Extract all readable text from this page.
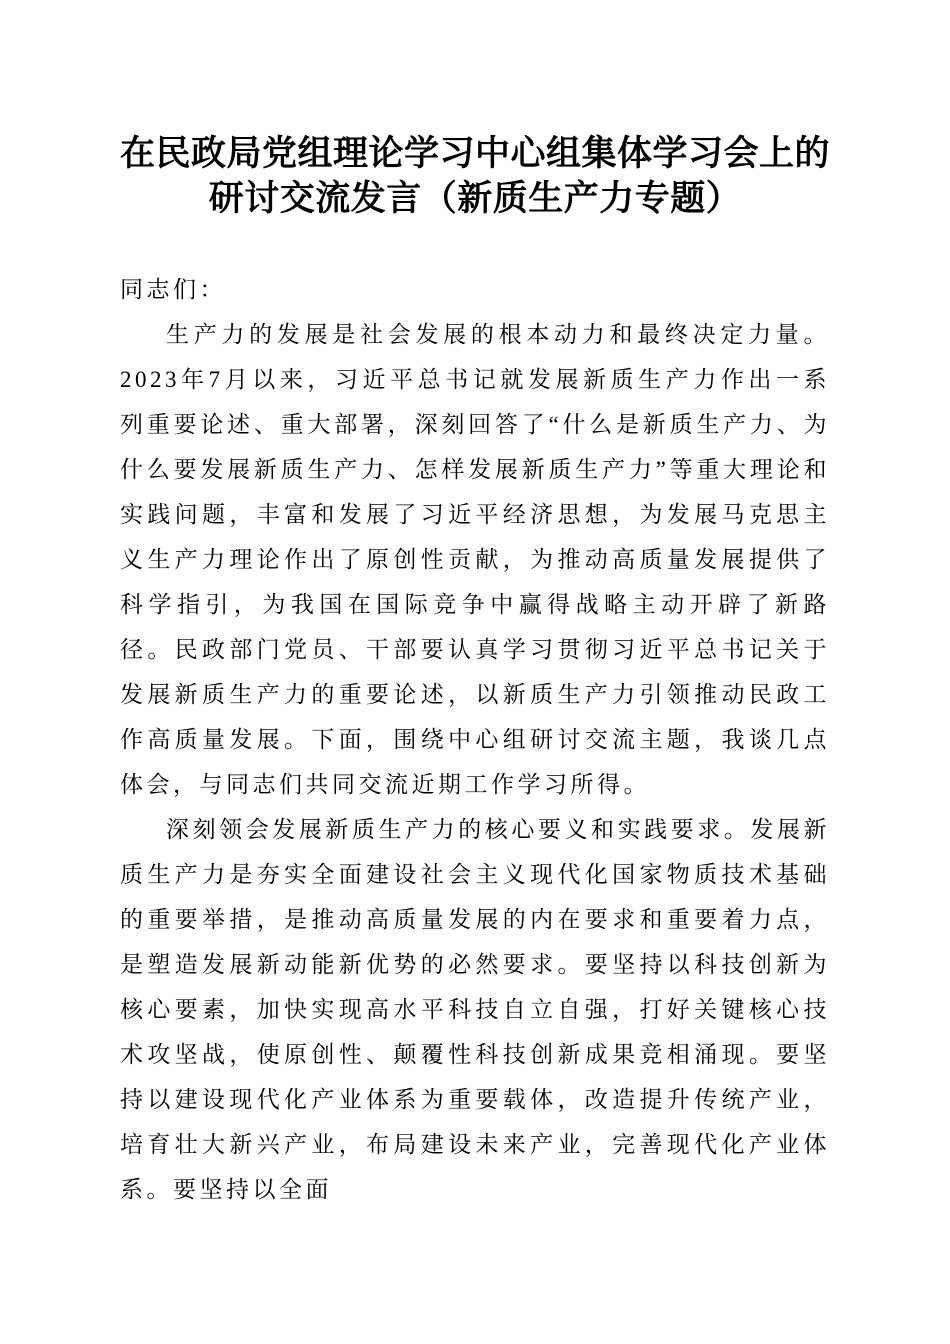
在民政局党组理论学习中心组集体学习会上的研讨交流发言（新质生产力专题）

同志们：

生产力的发展是社会发展的根本动力和最终决定力量。2023年7月以来，习近平总书记就发展新质生产力作出一系列重要论述、重大部署，深刻回答了“什么是新质生产力、为什么要发展新质生产力、怎样发展新质生产力”等重大理论和实践问题，丰富和发展了习近平经济思想，为发展马克思主义生产力理论作出了原创性贡献，为推动高质量发展提供了科学指引，为我国在国际竞争中赢得战略主动开辟了新路径。民政部门党员、干部要认真学习贯彻习近平总书记关于发展新质生产力的重要论述，以新质生产力引领推动民政工作高质量发展。下面，围绕中心组研讨交流主题，我谈几点体会，与同志们共同交流近期工作学习所得。

深刻领会发展新质生产力的核心要义和实践要求。发展新质生产力是夯实全面建设社会主义现代化国家物质技术基础的重要举措，是推动高质量发展的内在要求和重要着力点，是塑造发展新动能新优势的必然要求。要坚持以科技创新为核心要素，加快实现高水平科技自立自强，打好关键核心技术攻坚战，使原创性、颠覆性科技创新成果竞相涌现。要坚持以建设现代化产业体系为重要载体，改造提升传统产业，培育壮大新兴产业，布局建设未来产业，完善现代化产业体系。要坚持以全面
